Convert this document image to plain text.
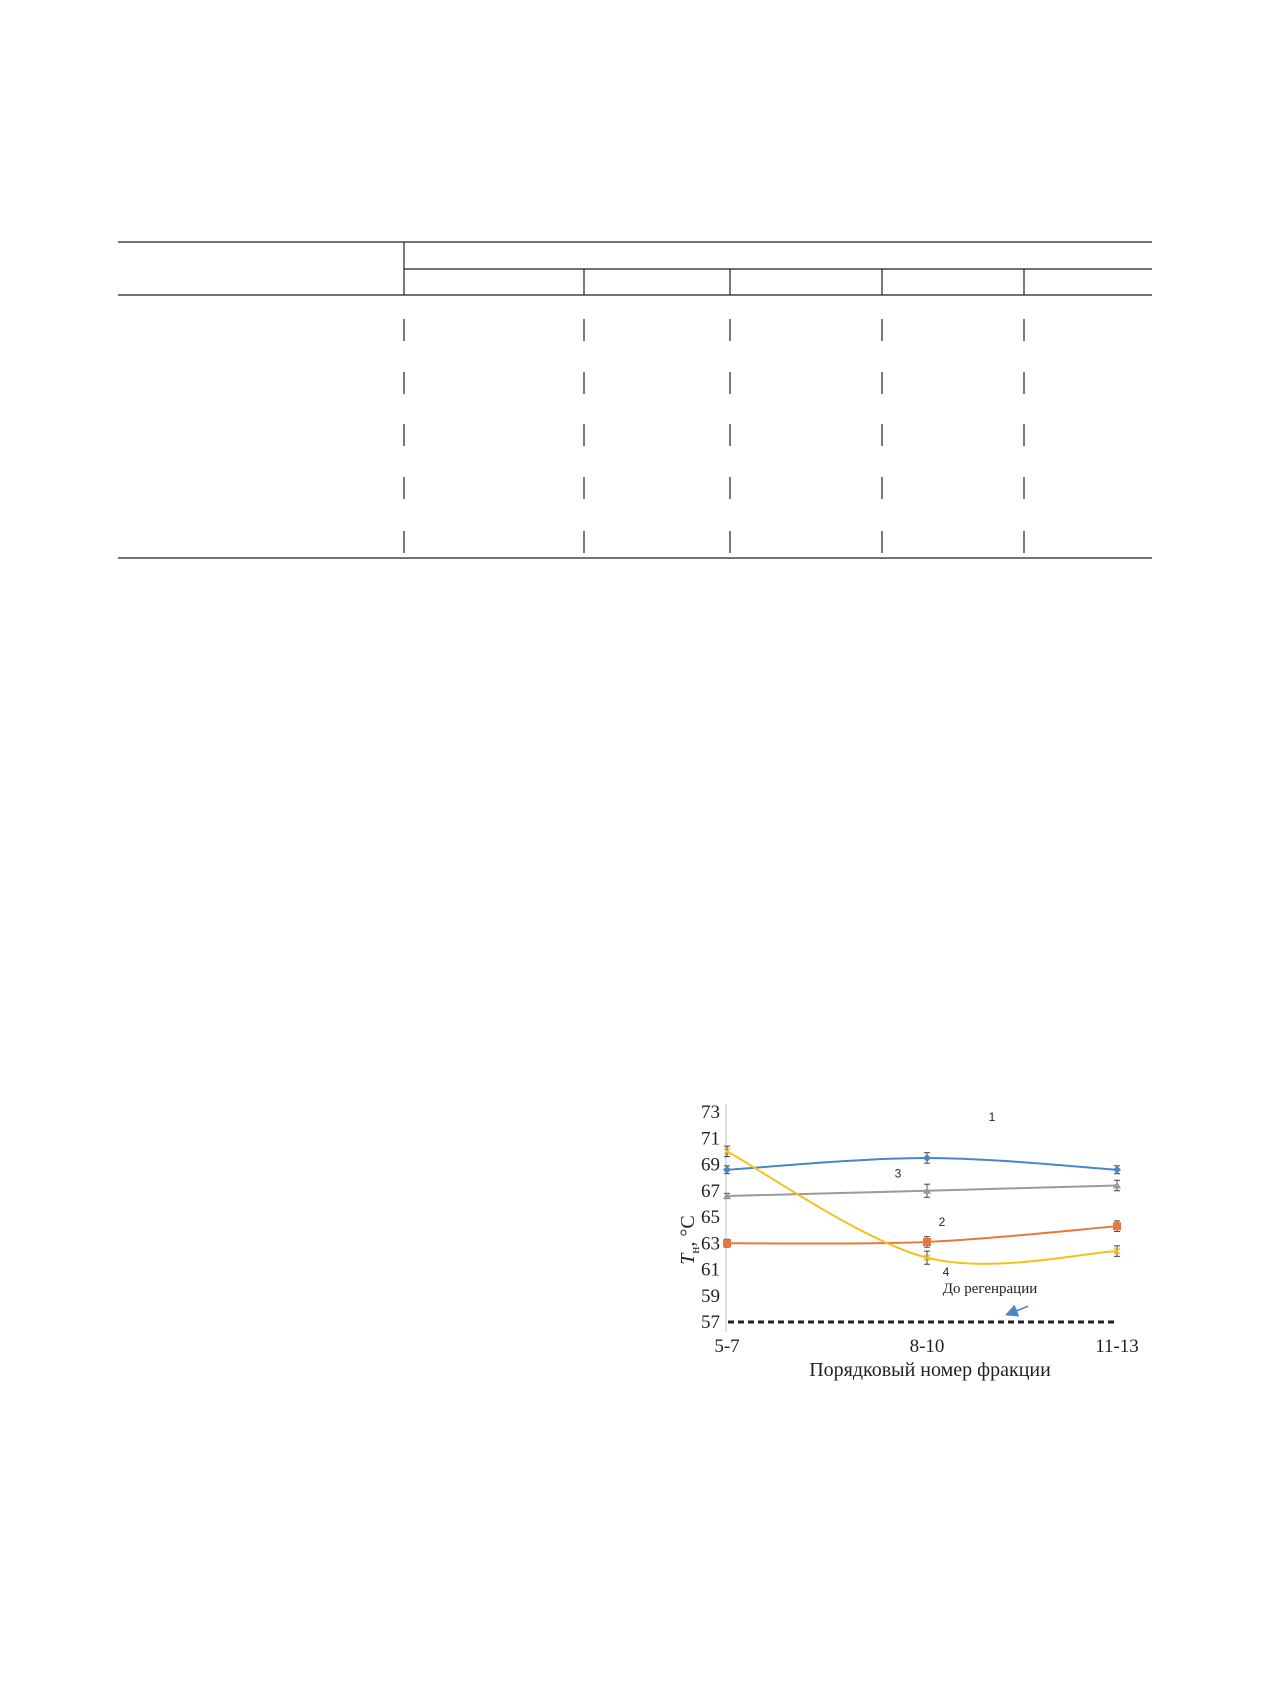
73
71
69
67
65
63
61
59
57
5-7	8-10	11-13
До регенрации
1
2
3
4
Порядковый номер фракции
$T_н$, °C
